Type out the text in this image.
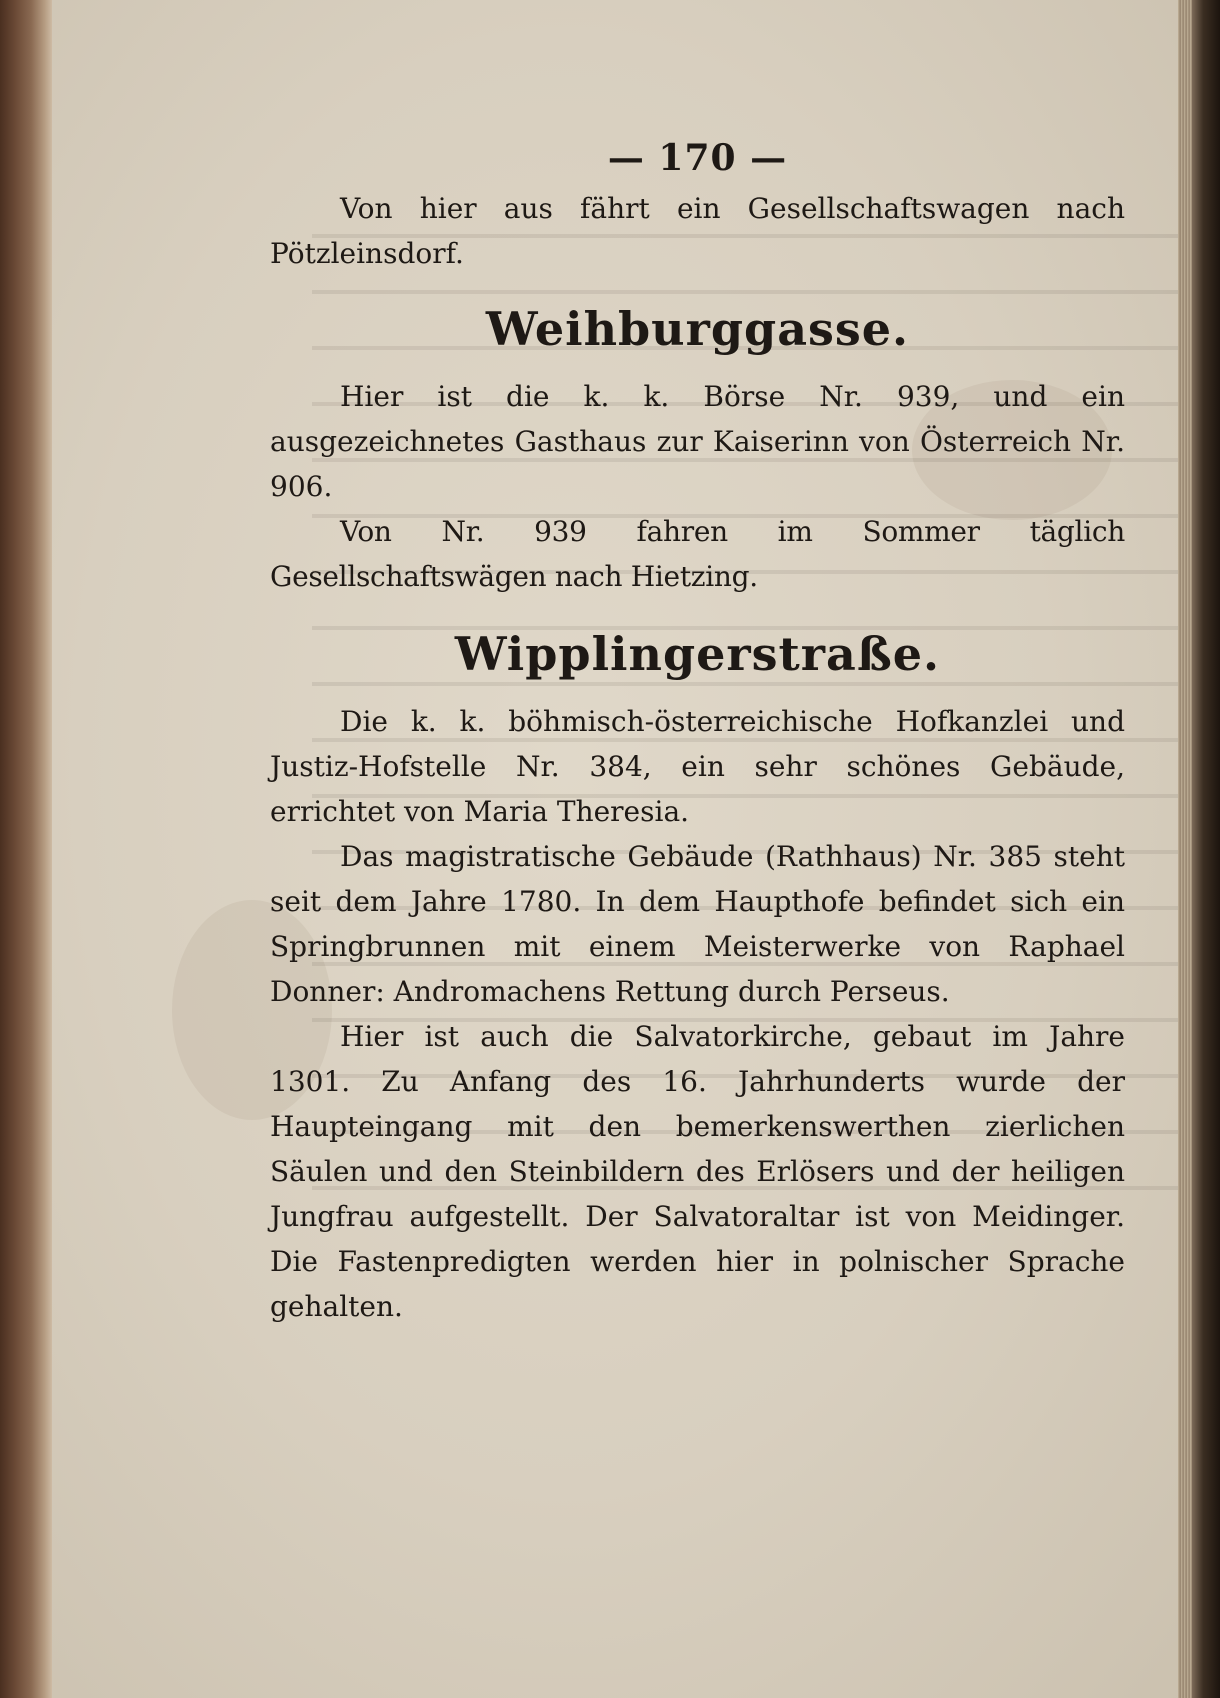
— 170 —

Von hier aus fährt ein Gesellschaftswagen nach Pötzleinsdorf.

Weihburggasse.

Hier ist die k. k. Börse Nr. 939, und ein ausgezeichnetes Gasthaus zur Kaiserinn von Österreich Nr. 906.

Von Nr. 939 fahren im Sommer täglich Gesellschaftswägen nach Hietzing.

Wipplingerstraße.

Die k. k. böhmisch-österreichische Hofkanzlei und Justiz-Hofstelle Nr. 384, ein sehr schönes Gebäude, errichtet von Maria Theresia.

Das magistratische Gebäude (Rathhaus) Nr. 385 steht seit dem Jahre 1780. In dem Haupthofe befindet sich ein Springbrunnen mit einem Meisterwerke von Raphael Donner: Andromachens Rettung durch Perseus.

Hier ist auch die Salvatorkirche, gebaut im Jahre 1301. Zu Anfang des 16. Jahrhunderts wurde der Haupteingang mit den bemerkenswerthen zierlichen Säulen und den Steinbildern des Erlösers und der heiligen Jungfrau aufgestellt. Der Salvatoraltar ist von Meidinger. Die Fastenpredigten werden hier in polnischer Sprache gehalten.
